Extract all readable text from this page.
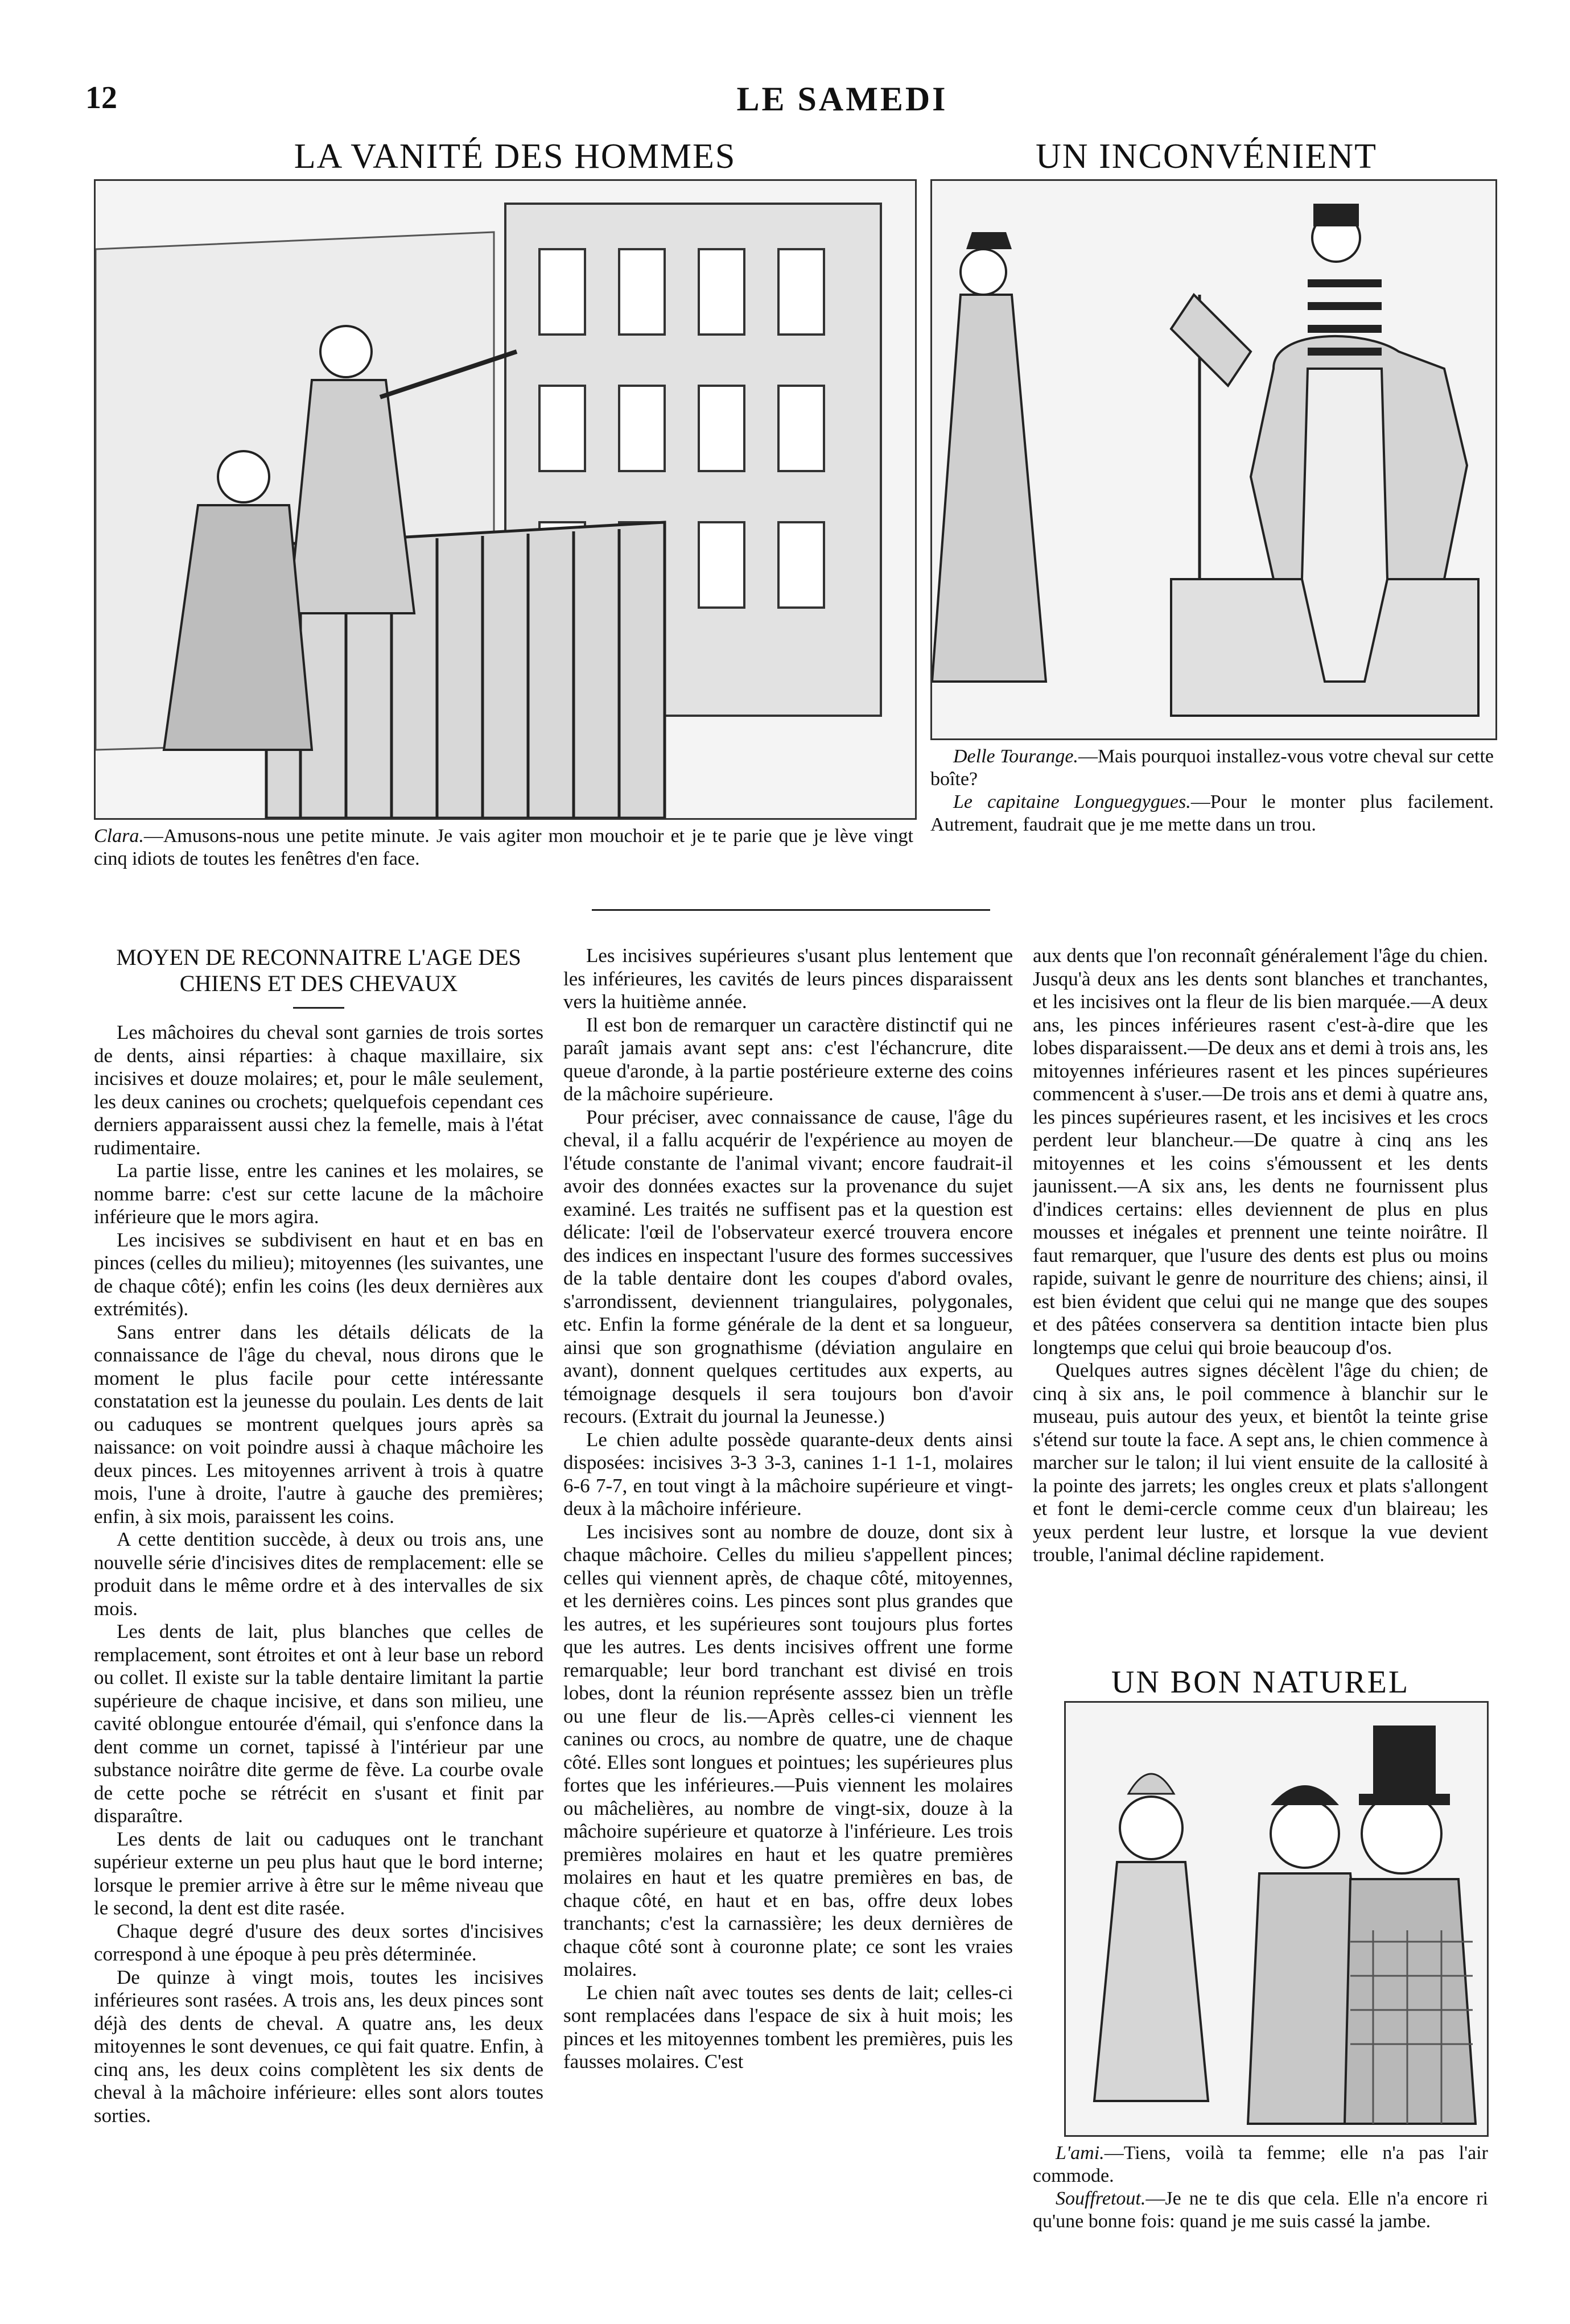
12	LE SAMEDI
LA VANITÉ DES HOMMES	UN INCONVÉNIENT
Clara.—Amusons-nous une petite minute. Je vais agiter mon mouchoir et je te parie que je lève vingt cinq idiots de toutes les fenêtres d'en face.
Delle Tourange.—Mais pourquoi installez-vous votre cheval sur cette boîte?
Le capitaine Longuegygues.—Pour le monter plus facilement. Autrement, faudrait que je me mette dans un trou.
MOYEN DE RECONNAITRE L'AGE DES CHIENS ET DES CHEVAUX

Les mâchoires du cheval sont garnies de trois sortes de dents, ainsi réparties: à chaque maxillaire, six incisives et douze molaires; et, pour le mâle seulement, les deux canines ou crochets; quelquefois cependant ces derniers apparaissent aussi chez la femelle, mais à l'état rudimentaire.

La partie lisse, entre les canines et les molaires, se nomme barre: c'est sur cette lacune de la mâchoire inférieure que le mors agira.

Les incisives se subdivisent en haut et en bas en pinces (celles du milieu); mitoyennes (les suivantes, une de chaque côté); enfin les coins (les deux dernières aux extrémités).

Sans entrer dans les détails délicats de la connaissance de l'âge du cheval, nous dirons que le moment le plus facile pour cette intéressante constatation est la jeunesse du poulain. Les dents de lait ou caduques se montrent quelques jours après sa naissance: on voit poindre aussi à chaque mâchoire les deux pinces. Les mitoyennes arrivent à trois à quatre mois, l'une à droite, l'autre à gauche des premières; enfin, à six mois, paraissent les coins.

A cette dentition succède, à deux ou trois ans, une nouvelle série d'incisives dites de remplacement: elle se produit dans le même ordre et à des intervalles de six mois.

Les dents de lait, plus blanches que celles de remplacement, sont étroites et ont à leur base un rebord ou collet. Il existe sur la table dentaire limitant la partie supérieure de chaque incisive, et dans son milieu, une cavité oblongue entourée d'émail, qui s'enfonce dans la dent comme un cornet, tapissé à l'intérieur par une substance noirâtre dite germe de fève. La courbe ovale de cette poche se rétrécit en s'usant et finit par disparaître.

Les dents de lait ou caduques ont le tranchant supérieur externe un peu plus haut que le bord interne; lorsque le premier arrive à être sur le même niveau que le second, la dent est dite rasée.

Chaque degré d'usure des deux sortes d'incisives correspond à une époque à peu près déterminée.

De quinze à vingt mois, toutes les incisives inférieures sont rasées. A trois ans, les deux pinces sont déjà des dents de cheval. A quatre ans, les deux mitoyennes le sont devenues, ce qui fait quatre. Enfin, à cinq ans, les deux coins complètent les six dents de cheval à la mâchoire inférieure: elles sont alors toutes sorties.

Les incisives supérieures s'usant plus lentement que les inférieures, les cavités de leurs pinces disparaissent vers la huitième année.

Il est bon de remarquer un caractère distinctif qui ne paraît jamais avant sept ans: c'est l'échancrure, dite queue d'aronde, à la partie postérieure externe des coins de la mâchoire supérieure.

Pour préciser, avec connaissance de cause, l'âge du cheval, il a fallu acquérir de l'expérience au moyen de l'étude constante de l'animal vivant; encore faudrait-il avoir des données exactes sur la provenance du sujet examiné. Les traités ne suffisent pas et la question est délicate: l'œil de l'observateur exercé trouvera encore des indices en inspectant l'usure des formes successives de la table dentaire dont les coupes d'abord ovales, s'arrondissent, deviennent triangulaires, polygonales, etc. Enfin la forme générale de la dent et sa longueur, ainsi que son grognathisme (déviation angulaire en avant), donnent quelques certitudes aux experts, au témoignage desquels il sera toujours bon d'avoir recours. (Extrait du journal la Jeunesse.)

Le chien adulte possède quarante-deux dents ainsi disposées: incisives 3-3 3-3, canines 1-1 1-1, molaires 6-6 7-7, en tout vingt à la mâchoire supérieure et vingt-deux à la mâchoire inférieure.

Les incisives sont au nombre de douze, dont six à chaque mâchoire. Celles du milieu s'appellent pinces; celles qui viennent après, de chaque côté, mitoyennes, et les dernières coins. Les pinces sont plus grandes que les autres, et les supérieures sont toujours plus fortes que les autres. Les dents incisives offrent une forme remarquable; leur bord tranchant est divisé en trois lobes, dont la réunion représente asssez bien un trèfle ou une fleur de lis.—Après celles-ci viennent les canines ou crocs, au nombre de quatre, une de chaque côté. Elles sont longues et pointues; les supérieures plus fortes que les inférieures.—Puis viennent les molaires ou mâchelières, au nombre de vingt-six, douze à la mâchoire supérieure et quatorze à l'inférieure. Les trois premières molaires en haut et les quatre premières molaires en haut et les quatre premières en bas, de chaque côté, en haut et en bas, offre deux lobes tranchants; c'est la carnassière; les deux dernières de chaque côté sont à couronne plate; ce sont les vraies molaires.

Le chien naît avec toutes ses dents de lait; celles-ci sont remplacées dans l'espace de six à huit mois; les pinces et les mitoyennes tombent les premières, puis les fausses molaires. C'est

aux dents que l'on reconnaît généralement l'âge du chien. Jusqu'à deux ans les dents sont blanches et tranchantes, et les incisives ont la fleur de lis bien marquée.—A deux ans, les pinces inférieures rasent c'est-à-dire que les lobes disparaissent.—De deux ans et demi à trois ans, les mitoyennes inférieures rasent et les pinces supérieures commencent à s'user.—De trois ans et demi à quatre ans, les pinces supérieures rasent, et les incisives et les crocs perdent leur blancheur.—De quatre à cinq ans les mitoyennes et les coins s'émoussent et les dents jaunissent.—A six ans, les dents ne fournissent plus d'indices certains: elles deviennent de plus en plus mousses et inégales et prennent une teinte noirâtre. Il faut remarquer, que l'usure des dents est plus ou moins rapide, suivant le genre de nourriture des chiens; ainsi, il est bien évident que celui qui ne mange que des soupes et des pâtées conservera sa dentition intacte bien plus longtemps que celui qui broie beaucoup d'os.

Quelques autres signes décèlent l'âge du chien; de cinq à six ans, le poil commence à blanchir sur le museau, puis autour des yeux, et bientôt la teinte grise s'étend sur toute la face. A sept ans, le chien commence à marcher sur le talon; il lui vient ensuite de la callosité à la pointe des jarrets; les ongles creux et plats s'allongent et font le demi-cercle comme ceux d'un blaireau; les yeux perdent leur lustre, et lorsque la vue devient trouble, l'animal décline rapidement.

UN BON NATUREL
L'ami.—Tiens, voilà ta femme; elle n'a pas l'air commode.
Souffretout.—Je ne te dis que cela. Elle n'a encore ri qu'une bonne fois: quand je me suis cassé la jambe.
